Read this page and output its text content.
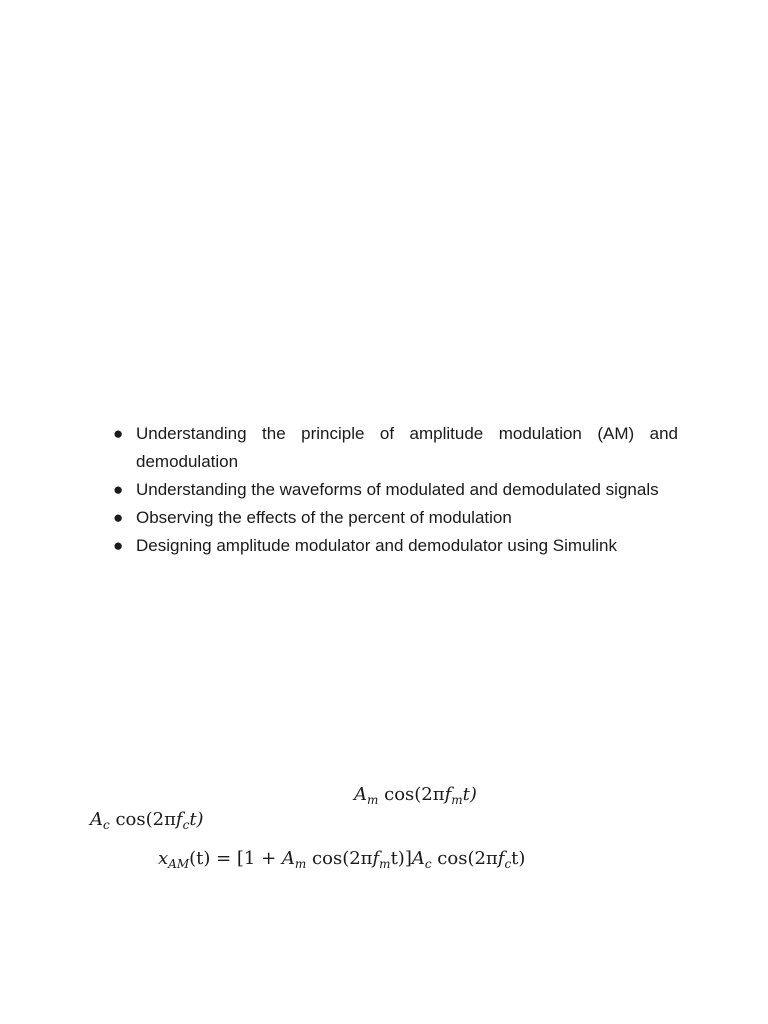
● Understanding the principle of amplitude modulation (AM) and demodulation
● Understanding the waveforms of modulated and demodulated signals
● Observing the effects of the percent of modulation
● Designing amplitude modulator and demodulator using Simulink
$A_m$ $\cos(2\pi f_mt)$
$A_c$ $\cos(2\pi f_ct)$
$x_{AM}(t) = [1 + A_m$ $\cos(2\pi f_mt)]A_c$ $\cos(2\pi f_ct)$
